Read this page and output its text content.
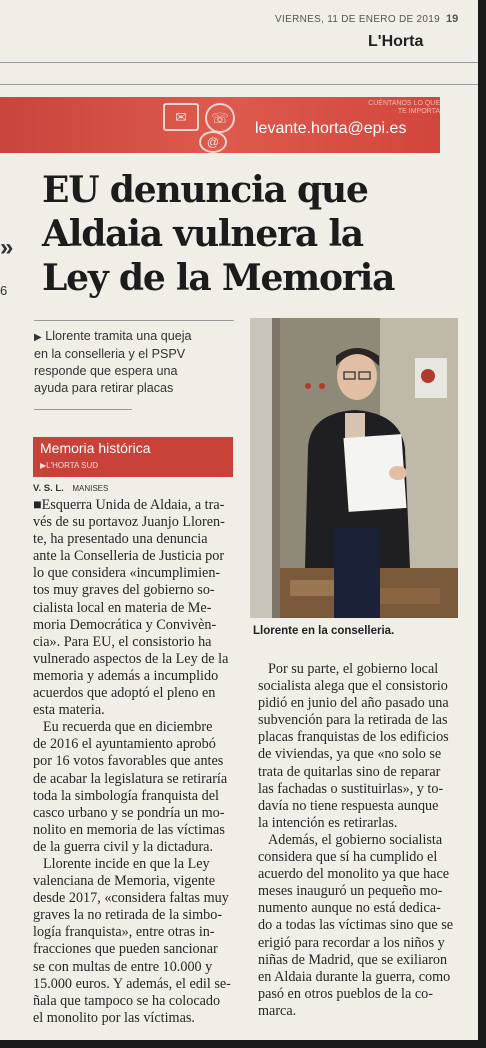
VIERNES, 11 DE ENERO DE 2019 19
L'Horta
✉	☏
@
CUÉNTANOS LO QUE
TE IMPORTA
levante.horta@epi.es
»
6
EU denuncia que
Aldaia vulnera la
Ley de la Memoria
▶ Llorente tramita una queja
en la conselleria y el PSPV
responde que espera una
ayuda para retirar placas
Llorente en la conselleria.
Memoria histórica
▶L'HORTA SUD
V. S. L. MANISES
■Esquerra Unida de Aldaia, a tra-
vés de su portavoz Juanjo Lloren-
te, ha presentado una denuncia
ante la Conselleria de Justicia por
lo que considera «incumplimien-
tos muy graves del gobierno so-
cialista local en materia de Me-
moria Democrática y Convivèn-
cia». Para EU, el consistorio ha
vulnerado aspectos de la Ley de la
memoria y además a incumplido
acuerdos que adoptó el pleno en
esta materia.
Eu recuerda que en diciembre
de 2016 el ayuntamiento aprobó
por 16 votos favorables que antes
de acabar la legislatura se retiraría
toda la simbología franquista del
casco urbano y se pondría un mo-
nolito en memoria de las víctimas
de la guerra civil y la dictadura.
Llorente incide en que la Ley
valenciana de Memoria, vigente
desde 2017, «considera faltas muy
graves la no retirada de la simbo-
logía franquista», entre otras in-
fracciones que pueden sancionar
se con multas de entre 10.000 y
15.000 euros. Y además, el edil se-
ñala que tampoco se ha colocado
el monolito por las víctimas.
Por su parte, el gobierno local
socialista alega que el consistorio
pidió en junio del año pasado una
subvención para la retirada de las
placas franquistas de los edificios
de viviendas, ya que «no solo se
trata de quitarlas sino de reparar
las fachadas o sustituirlas», y to-
davía no tiene respuesta aunque
la intención es retirarlas.
Además, el gobierno socialista
considera que sí ha cumplido el
acuerdo del monolito ya que hace
meses inauguró un pequeño mo-
numento aunque no está dedica-
do a todas las víctimas sino que se
erigió para recordar a los niños y
niñas de Madrid, que se exiliaron
en Aldaia durante la guerra, como
pasó en otros pueblos de la co-
marca.
